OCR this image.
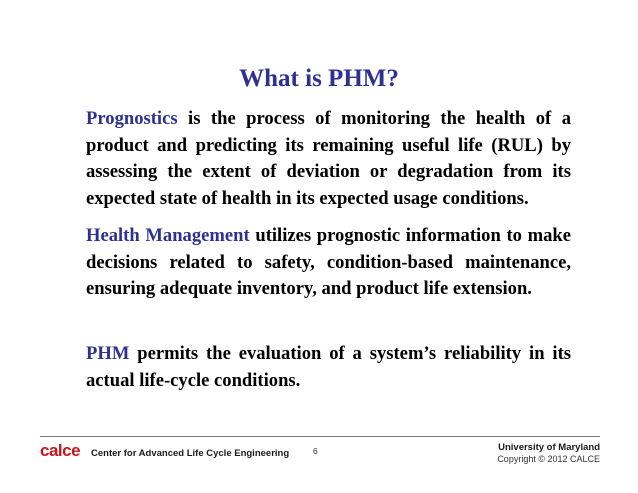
What is PHM?
Prognostics is the process of monitoring the health of a product and predicting its remaining useful life (RUL) by assessing the extent of deviation or degradation from its expected state of health in its expected usage conditions.
Health Management utilizes prognostic information to make decisions related to safety, condition-based maintenance, ensuring adequate inventory, and product life extension.
PHM permits the evaluation of a system’s reliability in its actual life-cycle conditions.
calce Center for Advanced Life Cycle Engineering	6	University of Maryland
Copyright © 2012 CALCE
